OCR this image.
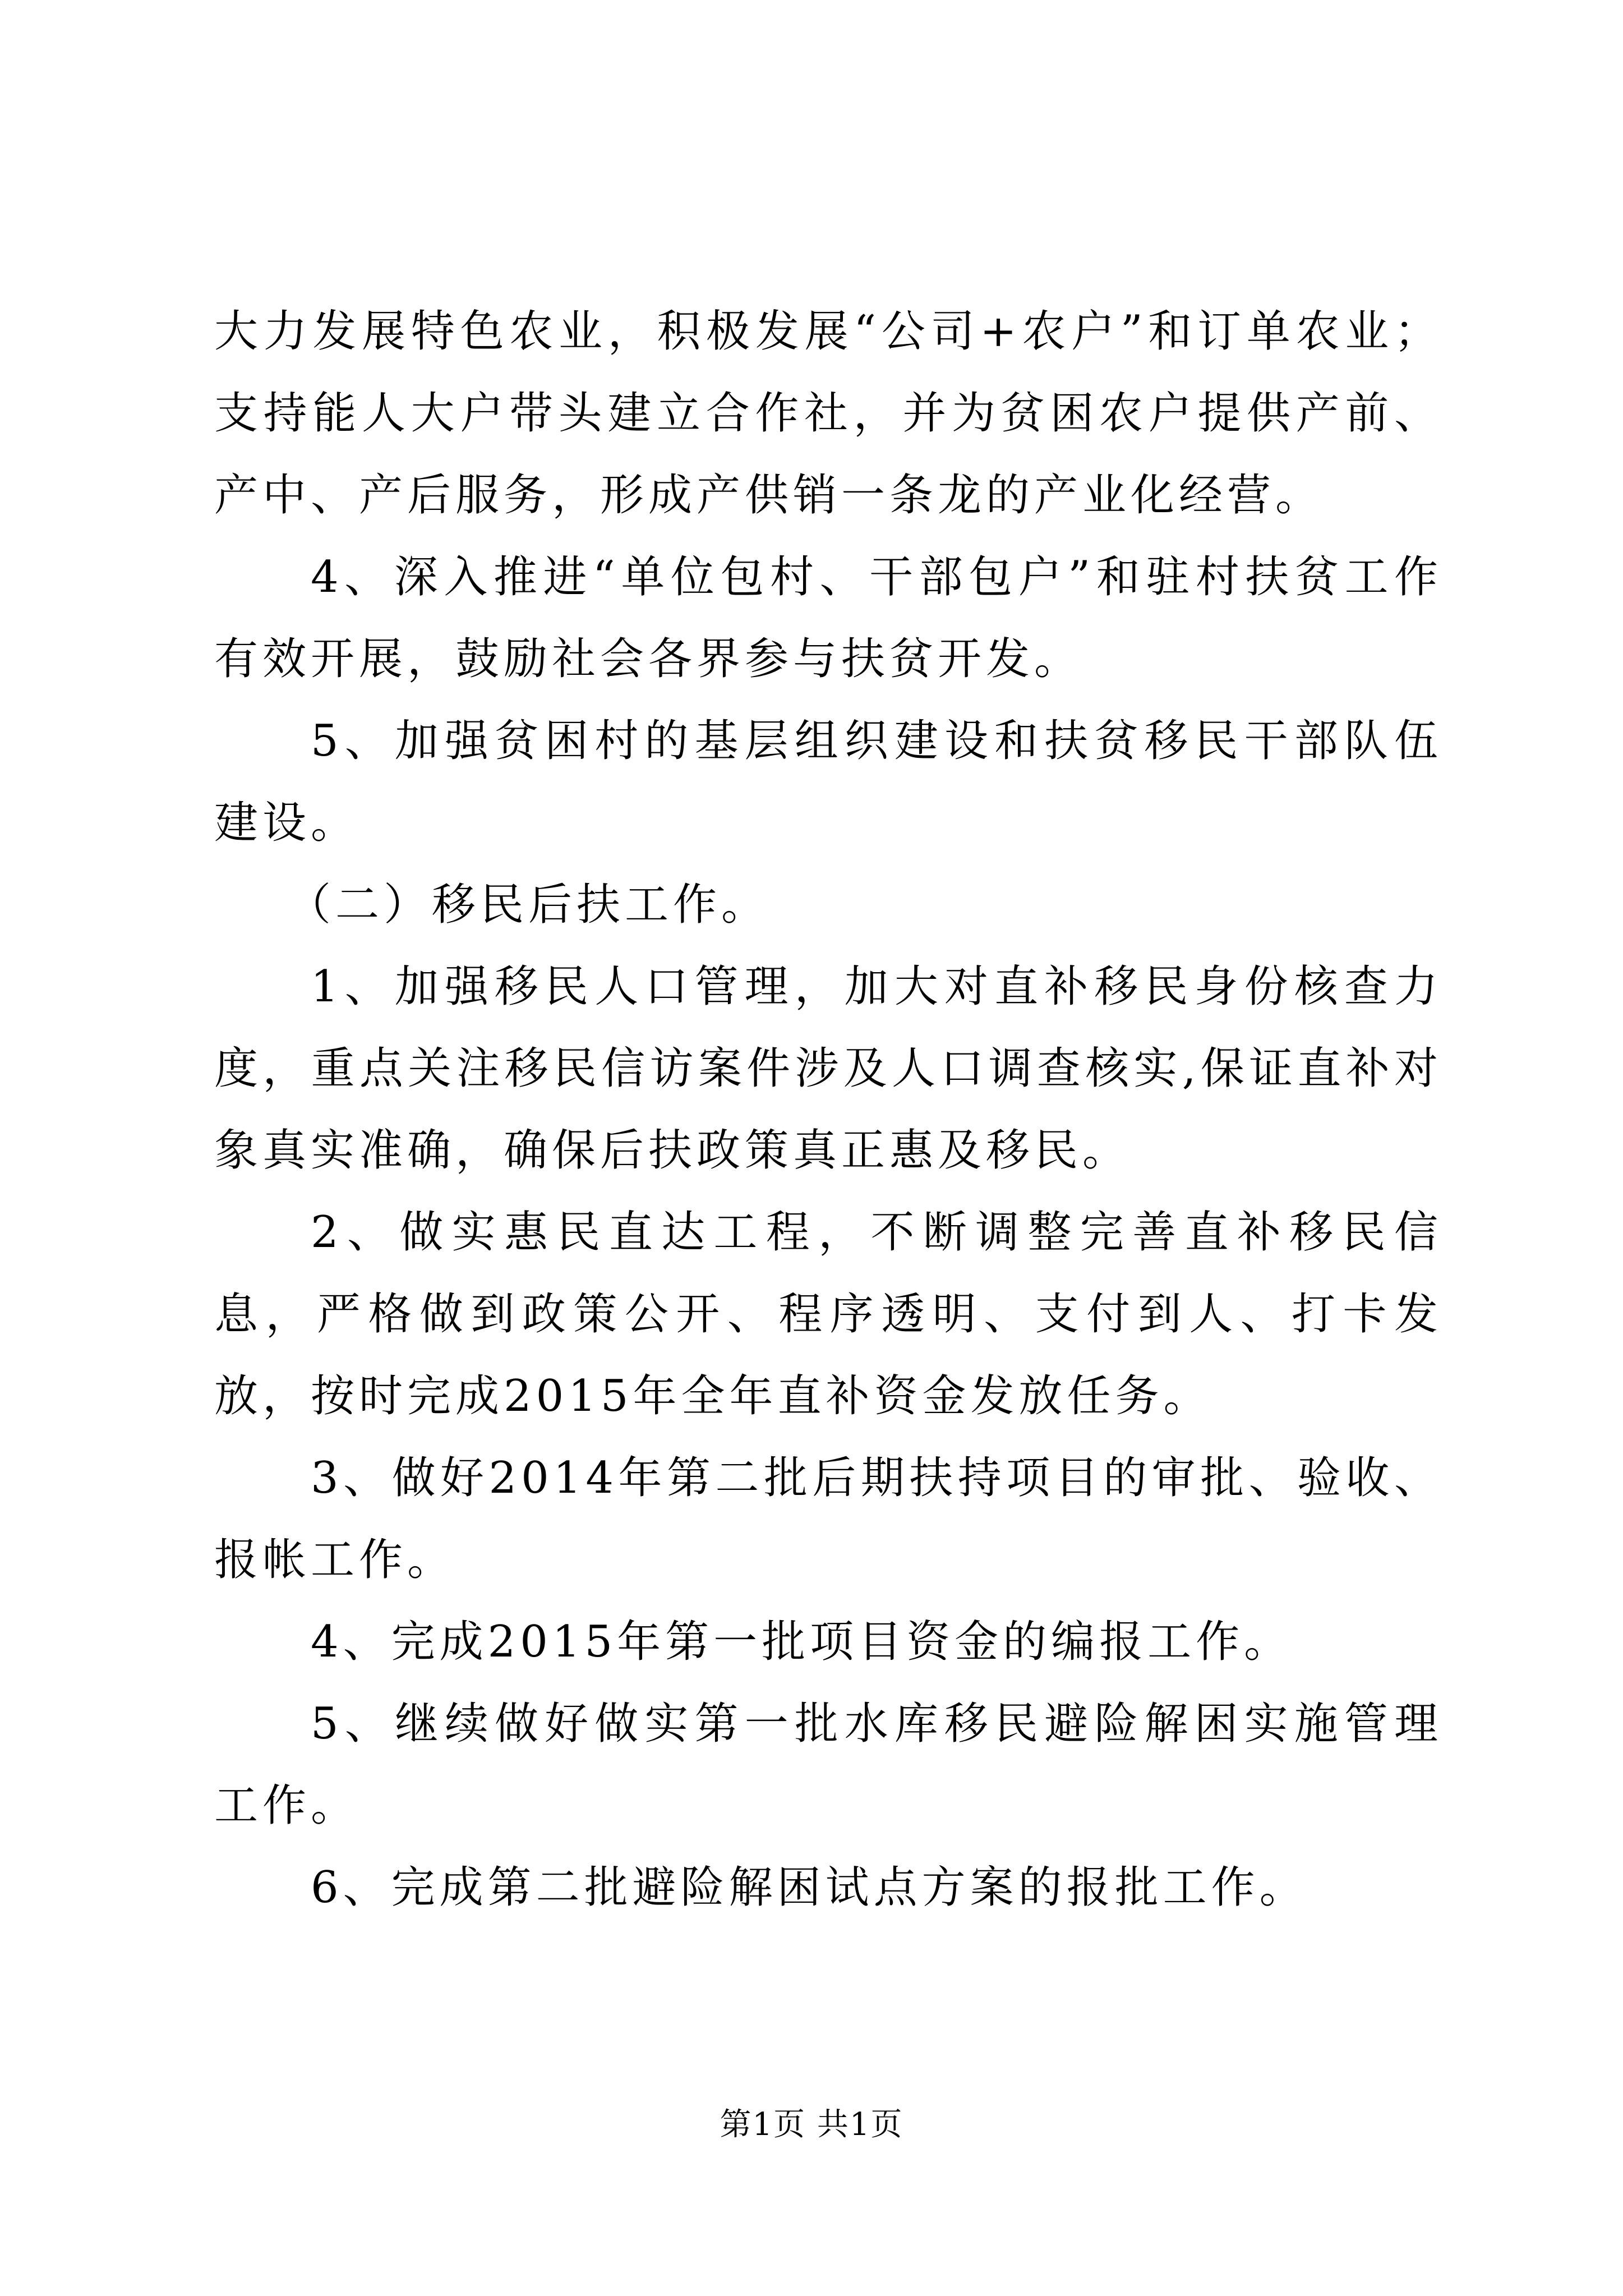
大力发展特色农业，积极发展“公司+农户”和订单农业；支持能人大户带头建立合作社，并为贫困农户提供产前、产中、产后服务，形成产供销一条龙的产业化经营。

4、深入推进“单位包村、干部包户”和驻村扶贫工作有效开展，鼓励社会各界参与扶贫开发。

5、加强贫困村的基层组织建设和扶贫移民干部队伍建设。

（二）移民后扶工作。

1、加强移民人口管理，加大对直补移民身份核查力度，重点关注移民信访案件涉及人口调查核实,保证直补对象真实准确，确保后扶政策真正惠及移民。

2、做实惠民直达工程，不断调整完善直补移民信息，严格做到政策公开、程序透明、支付到人、打卡发放，按时完成2015年全年直补资金发放任务。

3、做好2014年第二批后期扶持项目的审批、验收、报帐工作。

4、完成2015年第一批项目资金的编报工作。

5、继续做好做实第一批水库移民避险解困实施管理工作。

6、完成第二批避险解困试点方案的报批工作。

第1页 共1页
